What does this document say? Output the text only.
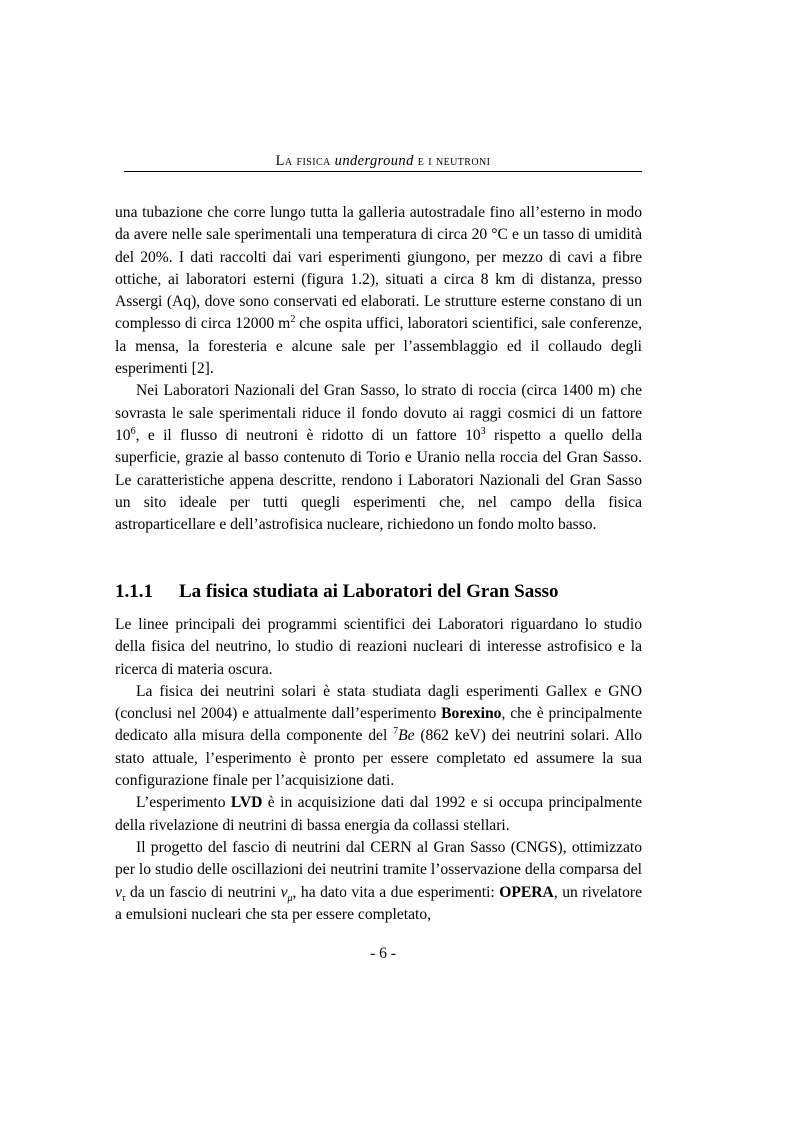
La fisica underground e i neutroni

una tubazione che corre lungo tutta la galleria autostradale fino all’esterno in modo da avere nelle sale sperimentali una temperatura di circa 20 °C e un tasso di umidità del 20%. I dati raccolti dai vari esperimenti giungono, per mezzo di cavi a fibre ottiche, ai laboratori esterni (figura 1.2), situati a circa 8 km di distanza, presso Assergi (Aq), dove sono conservati ed elaborati. Le strutture esterne constano di un complesso di circa 12000 $m^2$ che ospita uffici, laboratori scientifici, sale conferenze, la mensa, la foresteria e alcune sale per l’assemblaggio ed il collaudo degli esperimenti [2].

Nei Laboratori Nazionali del Gran Sasso, lo strato di roccia (circa 1400 m) che sovrasta le sale sperimentali riduce il fondo dovuto ai raggi cosmici di un fattore $10^6$, e il flusso di neutroni è ridotto di un fattore $10^3$ rispetto a quello della superficie, grazie al basso contenuto di Torio e Uranio nella roccia del Gran Sasso. Le caratteristiche appena descritte, rendono i Laboratori Nazionali del Gran Sasso un sito ideale per tutti quegli esperimenti che, nel campo della fisica astroparticellare e dell’astrofisica nucleare, richiedono un fondo molto basso.

1.1.1 La fisica studiata ai Laboratori del Gran Sasso

Le linee principali dei programmi scientifici dei Laboratori riguardano lo studio della fisica del neutrino, lo studio di reazioni nucleari di interesse astrofisico e la ricerca di materia oscura.

La fisica dei neutrini solari è stata studiata dagli esperimenti Gallex e GNO (conclusi nel 2004) e attualmente dall’esperimento Borexino, che è principalmente dedicato alla misura della componente del $^7$Be (862 keV) dei neutrini solari. Allo stato attuale, l’esperimento è pronto per essere completato ed assumere la sua configurazione finale per l’acquisizione dati.

L’esperimento LVD è in acquisizione dati dal 1992 e si occupa principalmente della rivelazione di neutrini di bassa energia da collassi stellari.

Il progetto del fascio di neutrini dal CERN al Gran Sasso (CNGS), ottimizzato per lo studio delle oscillazioni dei neutrini tramite l’osservazione della comparsa del $\nu_\tau$ da un fascio di neutrini $\nu_\mu$, ha dato vita a due esperimenti: OPERA, un rivelatore a emulsioni nucleari che sta per essere completato,

- 6 -
